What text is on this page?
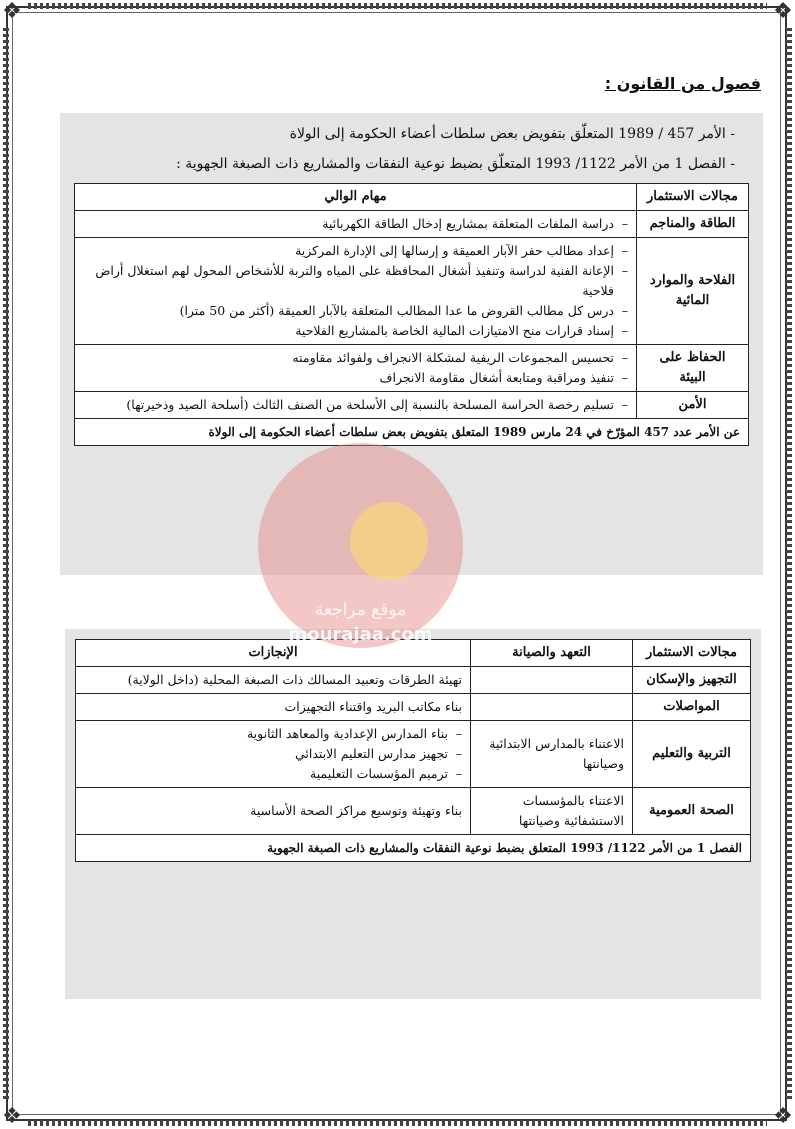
❖	❖
❖	❖
فصول من القانون :
- الأمر 457 / 1989 المتعلّق بتفويض بعض سلطات أعضاء الحكومة إلى الولاة
- الفصل 1 من الأمر 1122/ 1993 المتعلّق بضبط نوعية النفقات والمشاريع ذات الصبغة الجهوية :
مجالات الاستثمار	مهام الوالي
الطاقة والمناجم	– دراسة الملفات المتعلقة بمشاريع إدخال الطاقة الكهربائية

الفلاحة والموارد المائية	– إعداد مطالب حفر الآبار العميقة و إرسالها إلى الإدارة المركزية
– الإعانة الفنية لدراسة وتنفيذ أشغال المحافظة على المياه والتربة للأشخاص المحول لهم استغلال أراض فلاحية
– درس كل مطالب القروض ما عدا المطالب المتعلقة بالآبار العميقة (أكثر من 50 مترا)
– إسناد قرارات منح الامتيازات المالية الخاصة بالمشاريع الفلاحية

الحفاظ على البيئة	– تحسيس المجموعات الريفية لمشكلة الانجراف ولفوائد مقاومته
– تنفيذ ومراقبة ومتابعة أشغال مقاومة الانجراف

الأمن	– تسليم رخصة الحراسة المسلحة بالنسبة إلى الأسلحة من الصنف الثالث (أسلحة الصيد وذخيرتها)

عن الأمر عدد 457 المؤرّخ في 24 مارس 1989 المتعلق بتفويض بعض سلطات أعضاء الحكومة إلى الولاة	
مجالات الاستثمار	التعهد والصيانة	الإنجازات
التجهيز والإسكان		تهيئة الطرقات وتعبيد المسالك ذات الصبغة المحلية (داخل الولاية)
المواصلات		بناء مكاتب البريد واقتناء التجهيزات
التربية والتعليم	الاعتناء بالمدارس الابتدائية وصيانتها	– بناء المدارس الإعدادية والمعاهد الثانوية
– تجهيز مدارس التعليم الابتدائي
– ترميم المؤسسات التعليمية

الصحة العمومية	الاعتناء بالمؤسسات الاستشفائية وصيانتها	بناء وتهيئة وتوسيع مراكز الصحة الأساسية
الفصل 1 من الأمر 1122/ 1993 المتعلق بضبط نوعية النفقات والمشاريع ذات الصبغة الجهوية		
موقع مراجعة
mourajaa.com
